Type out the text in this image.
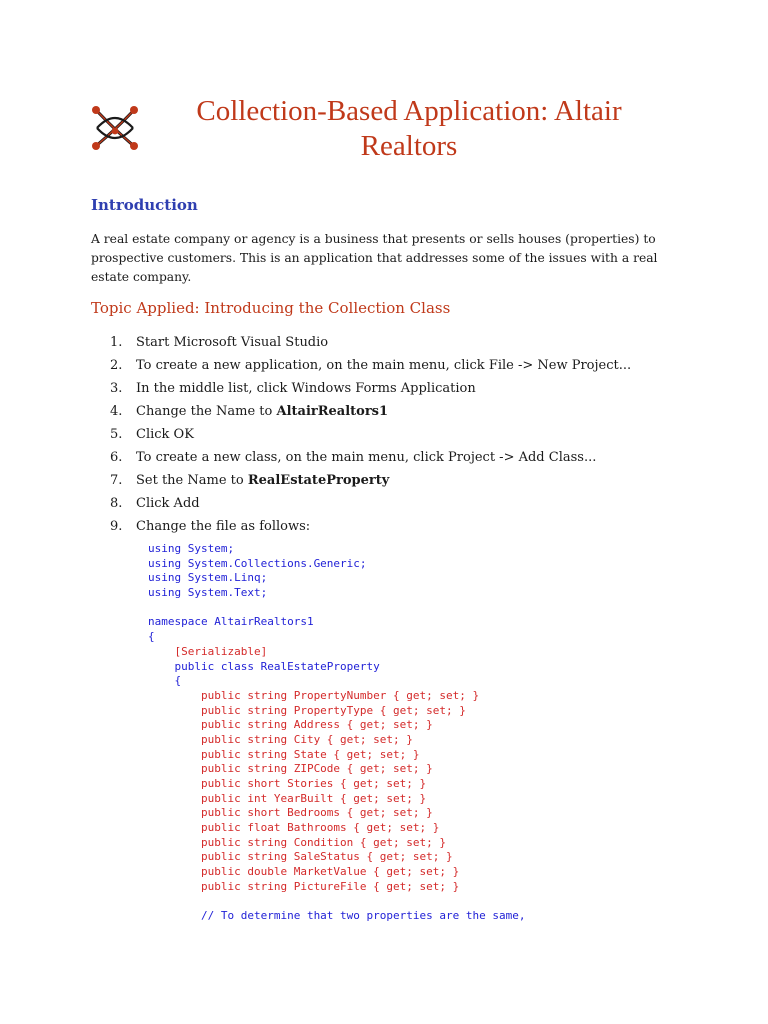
Collection-Based Application: Altair Realtors
Introduction

A real estate company or agency is a business that presents or sells houses (properties) to prospective customers. This is an application that addresses some of the issues with a real estate company.

Topic Applied: Introducing the Collection Class
1. Start Microsoft Visual Studio
2. To create a new application, on the main menu, click File -> New Project...
3. In the middle list, click Windows Forms Application
4. Change the Name to AltairRealtors1
5. Click OK
6. To create a new class, on the main menu, click Project -> Add Class...
7. Set the Name to RealEstateProperty
8. Click Add
9. Change the file as follows:
using System;
using System.Collections.Generic;
using System.Linq;
using System.Text;
namespace AltairRealtors1
{
[Serializable]
public class RealEstateProperty
{
public string PropertyNumber { get; set; }
public string PropertyType { get; set; }
public string Address { get; set; }
public string City { get; set; }
public string State { get; set; }
public string ZIPCode { get; set; }
public short Stories { get; set; }
public int YearBuilt { get; set; }
public short Bedrooms { get; set; }
public float Bathrooms { get; set; }
public string Condition { get; set; }
public string SaleStatus { get; set; }
public double MarketValue { get; set; }
public string PictureFile { get; set; }
// To determine that two properties are the same,
